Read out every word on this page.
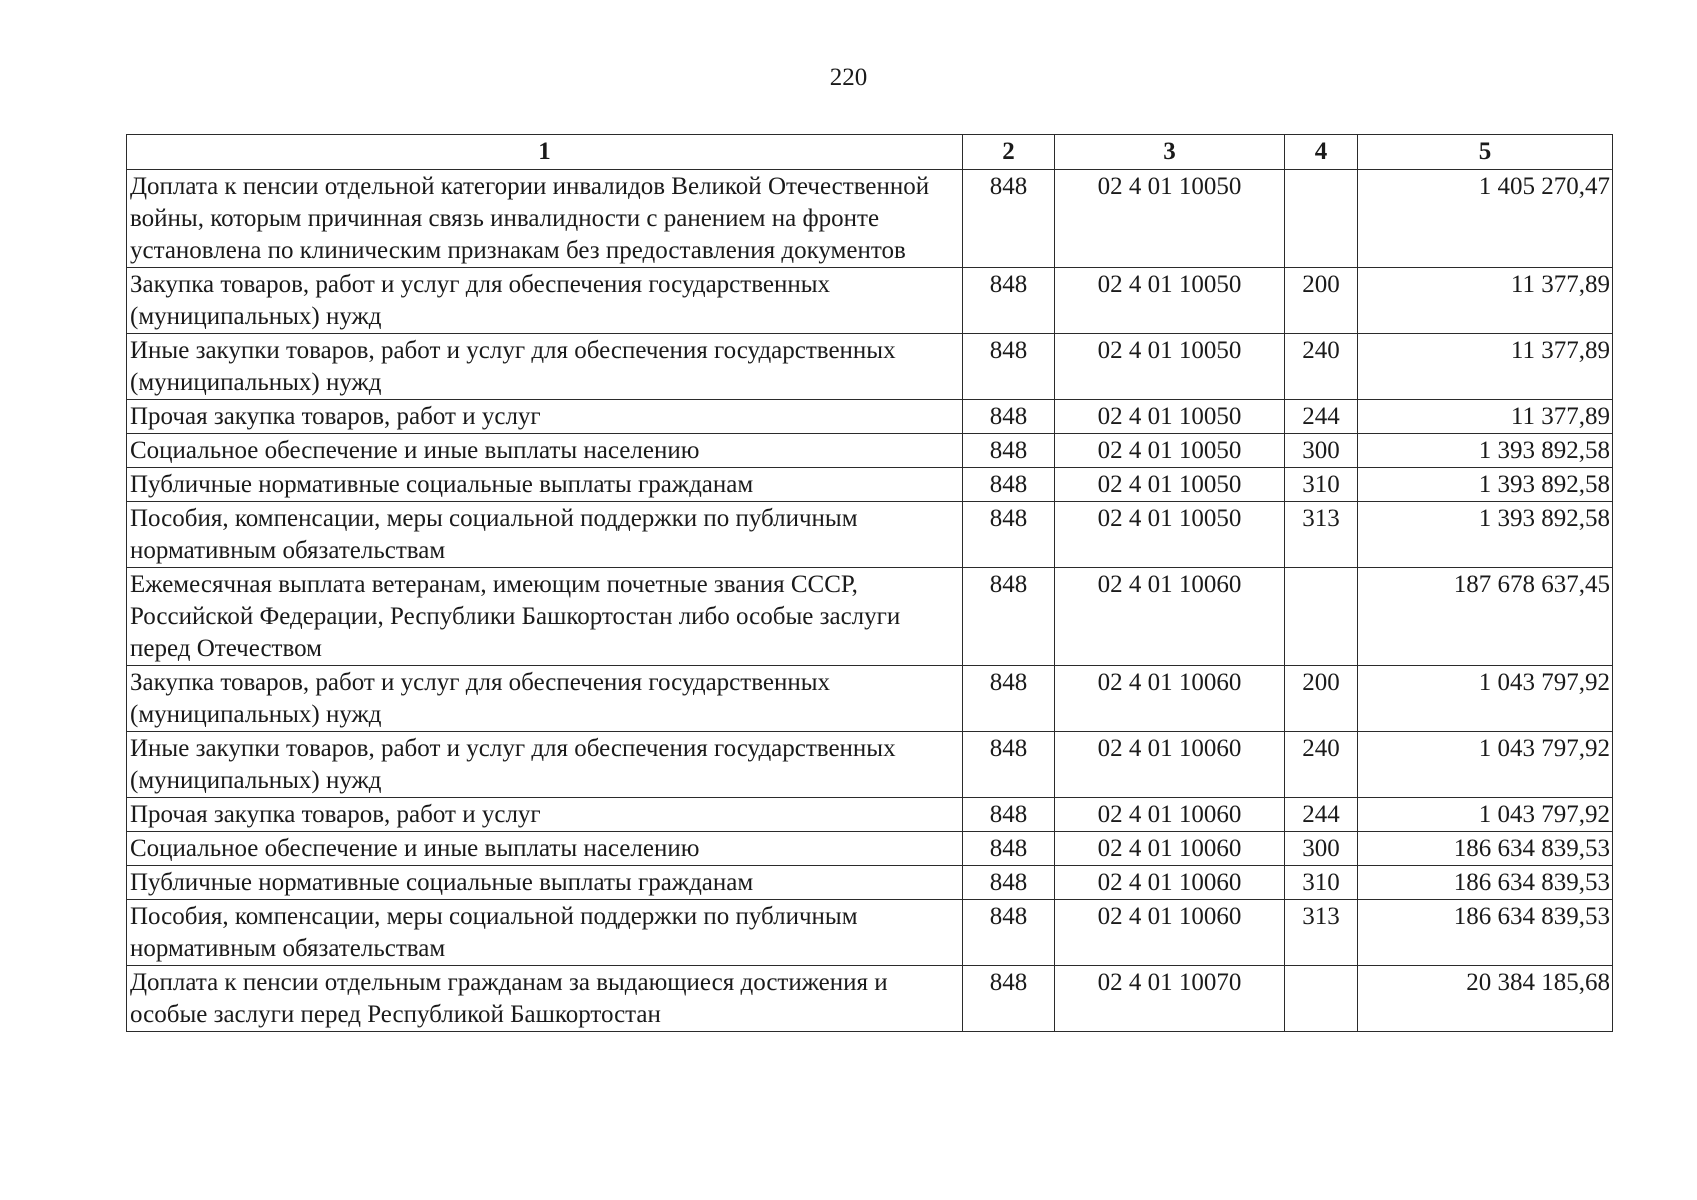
220
1	2	3	4	5
Доплата к пенсии отдельной категории инвалидов Великой Отечественной войны, которым причинная связь инвалидности с ранением на фронте установлена по клиническим признакам без предоставления документов	848	02 4 01 10050		1 405 270,47
Закупка товаров, работ и услуг для обеспечения государственных (муниципальных) нужд	848	02 4 01 10050	200	11 377,89
Иные закупки товаров, работ и услуг для обеспечения государственных (муниципальных) нужд	848	02 4 01 10050	240	11 377,89
Прочая закупка товаров, работ и услуг	848	02 4 01 10050	244	11 377,89
Социальное обеспечение и иные выплаты населению	848	02 4 01 10050	300	1 393 892,58
Публичные нормативные социальные выплаты гражданам	848	02 4 01 10050	310	1 393 892,58
Пособия, компенсации, меры социальной поддержки по публичным нормативным обязательствам	848	02 4 01 10050	313	1 393 892,58
Ежемесячная выплата ветеранам, имеющим почетные звания СССР, Российской Федерации, Республики Башкортостан либо особые заслуги перед Отечеством	848	02 4 01 10060		187 678 637,45
Закупка товаров, работ и услуг для обеспечения государственных (муниципальных) нужд	848	02 4 01 10060	200	1 043 797,92
Иные закупки товаров, работ и услуг для обеспечения государственных (муниципальных) нужд	848	02 4 01 10060	240	1 043 797,92
Прочая закупка товаров, работ и услуг	848	02 4 01 10060	244	1 043 797,92
Социальное обеспечение и иные выплаты населению	848	02 4 01 10060	300	186 634 839,53
Публичные нормативные социальные выплаты гражданам	848	02 4 01 10060	310	186 634 839,53
Пособия, компенсации, меры социальной поддержки по публичным нормативным обязательствам	848	02 4 01 10060	313	186 634 839,53
Доплата к пенсии отдельным гражданам за выдающиеся достижения и особые заслуги перед Республикой Башкортостан	848	02 4 01 10070		20 384 185,68
